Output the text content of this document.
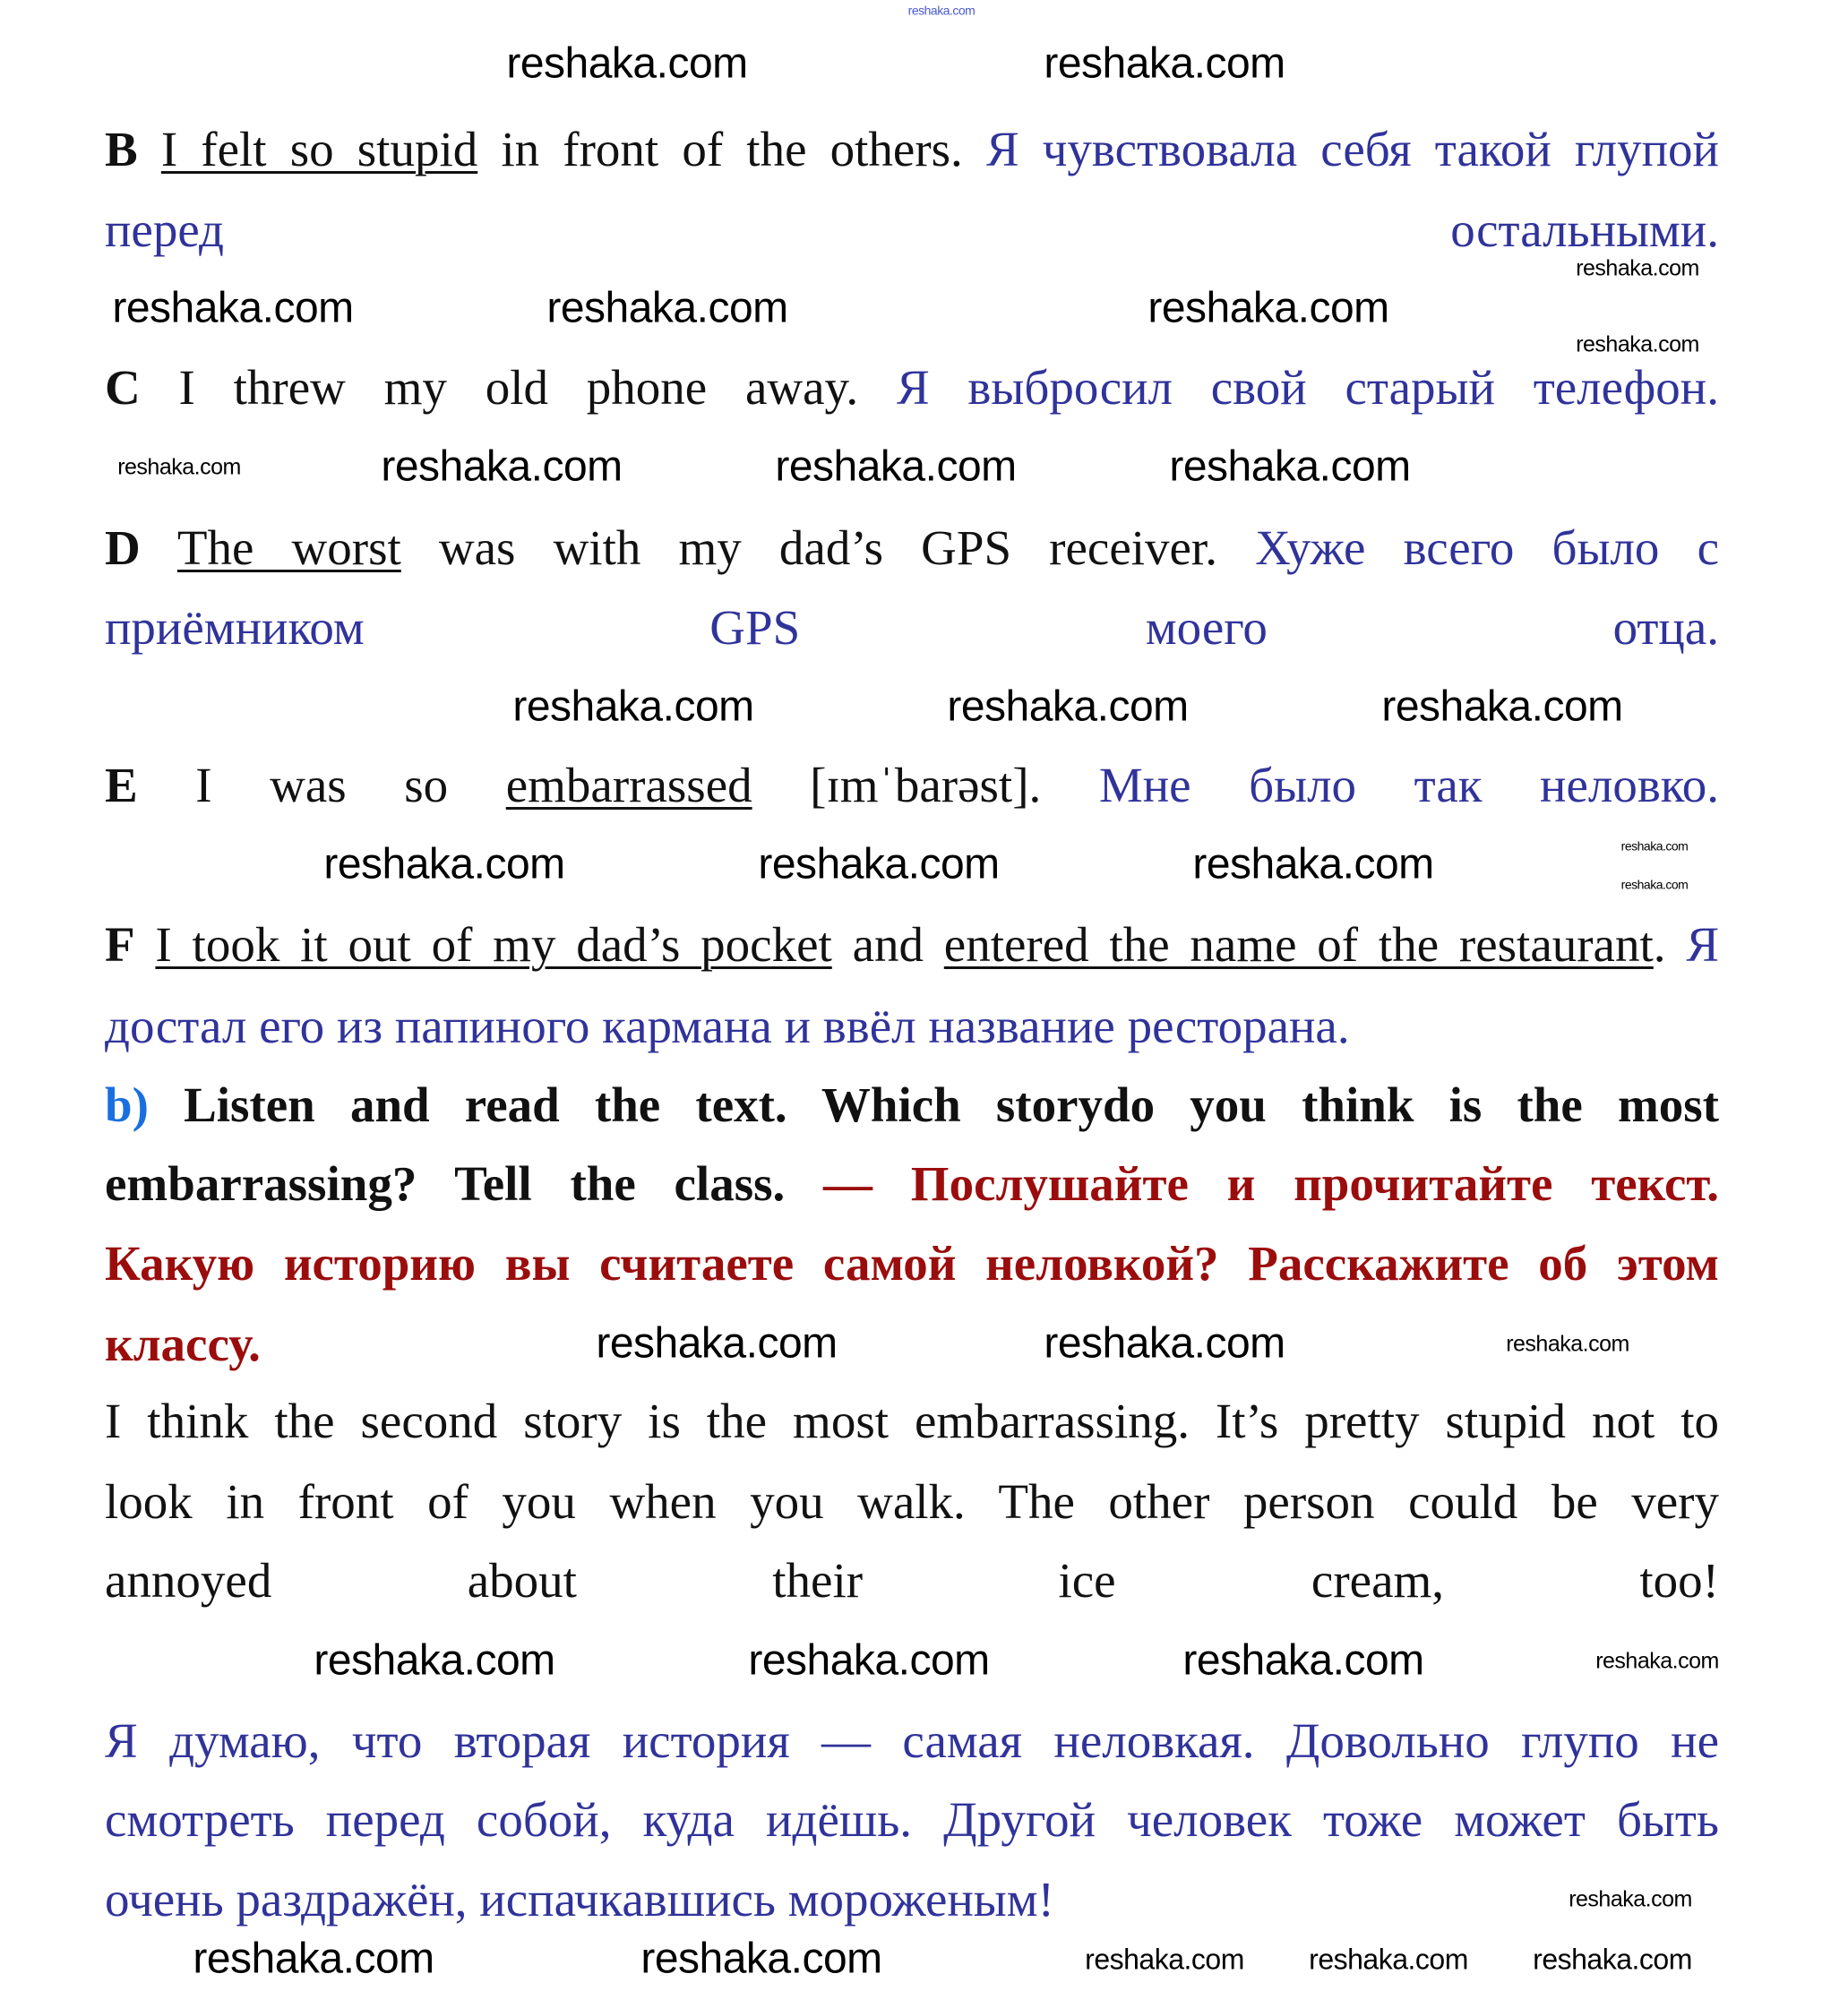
reshaka.com
B I felt so stupid in front of the others. Я чувствовала себя такой глупой
перед остальными.
C I threw my old phone away. Я выбросил свой старый телефон.
D The worst was with my dad’s GPS receiver. Хуже всего было с
приёмником GPS моего отца.
E I was so embarrassed [ɪmˈbarəst]. Мне было так неловко.
F I took it out of my dad’s pocket and entered the name of the restaurant. Я
достал его из папиного кармана и ввёл название ресторана.
b) Listen and read the text. Which storydo you think is the most
embarrassing? Tell the class. — Послушайте и прочитайте текст.
Какую историю вы считаете самой неловкой? Расскажите об этом
классу.
I think the second story is the most embarrassing. It’s pretty stupid not to
look in front of you when you walk. The other person could be very
annoyed about their ice cream, too!
Я думаю, что вторая история — самая неловкая. Довольно глупо не
смотреть перед собой, куда идёшь. Другой человек тоже может быть
очень раздражён, испачкавшись мороженым!
reshaka.com	reshaka.com
reshaka.com	reshaka.com	reshaka.com
reshaka.com
reshaka.com
reshaka.com	reshaka.com	reshaka.com
reshaka.com
reshaka.com	reshaka.com	reshaka.com
reshaka.com	reshaka.com	reshaka.com	reshaka.com
reshaka.com
reshaka.com	reshaka.com	reshaka.com
reshaka.com	reshaka.com	reshaka.com	reshaka.com
reshaka.com
reshaka.com	reshaka.com	reshaka.com reshaka.com reshaka.com
